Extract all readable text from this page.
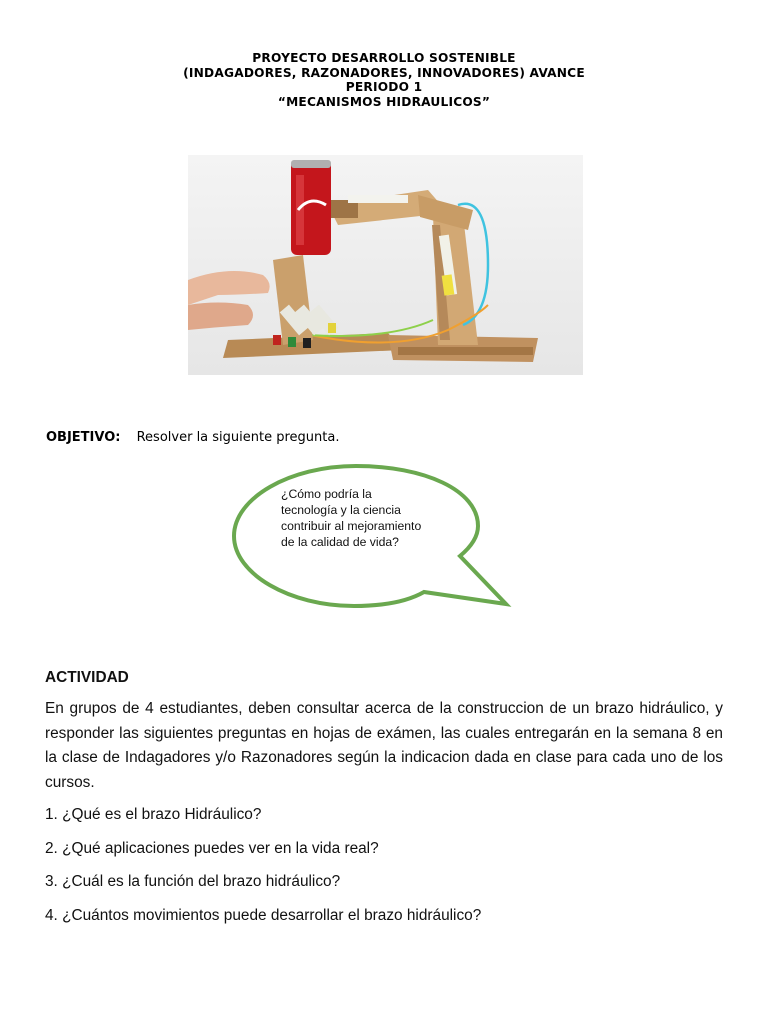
PROYECTO DESARROLLO SOSTENIBLE
(INDAGADORES, RAZONADORES, INNOVADORES) AVANCE
PERIODO 1
“MECANISMOS HIDRAULICOS”
OBJETIVO: Resolver la siguiente pregunta.
¿Cómo podría la tecnología y la ciencia contribuir al mejoramiento de la calidad de vida?
ACTIVIDAD

En grupos de 4 estudiantes, deben consultar acerca de la construccion de un brazo hidráulico, y responder las siguientes preguntas en hojas de exámen, las cuales entregarán en la semana 8 en la clase de Indagadores y/o Razonadores según la indicacion dada en clase para cada uno de los cursos.

1. ¿Qué es el brazo Hidráulico?
2. ¿Qué aplicaciones puedes ver en la vida real?
3. ¿Cuál es la función del brazo hidráulico?
4. ¿Cuántos movimientos puede desarrollar el brazo hidráulico?
